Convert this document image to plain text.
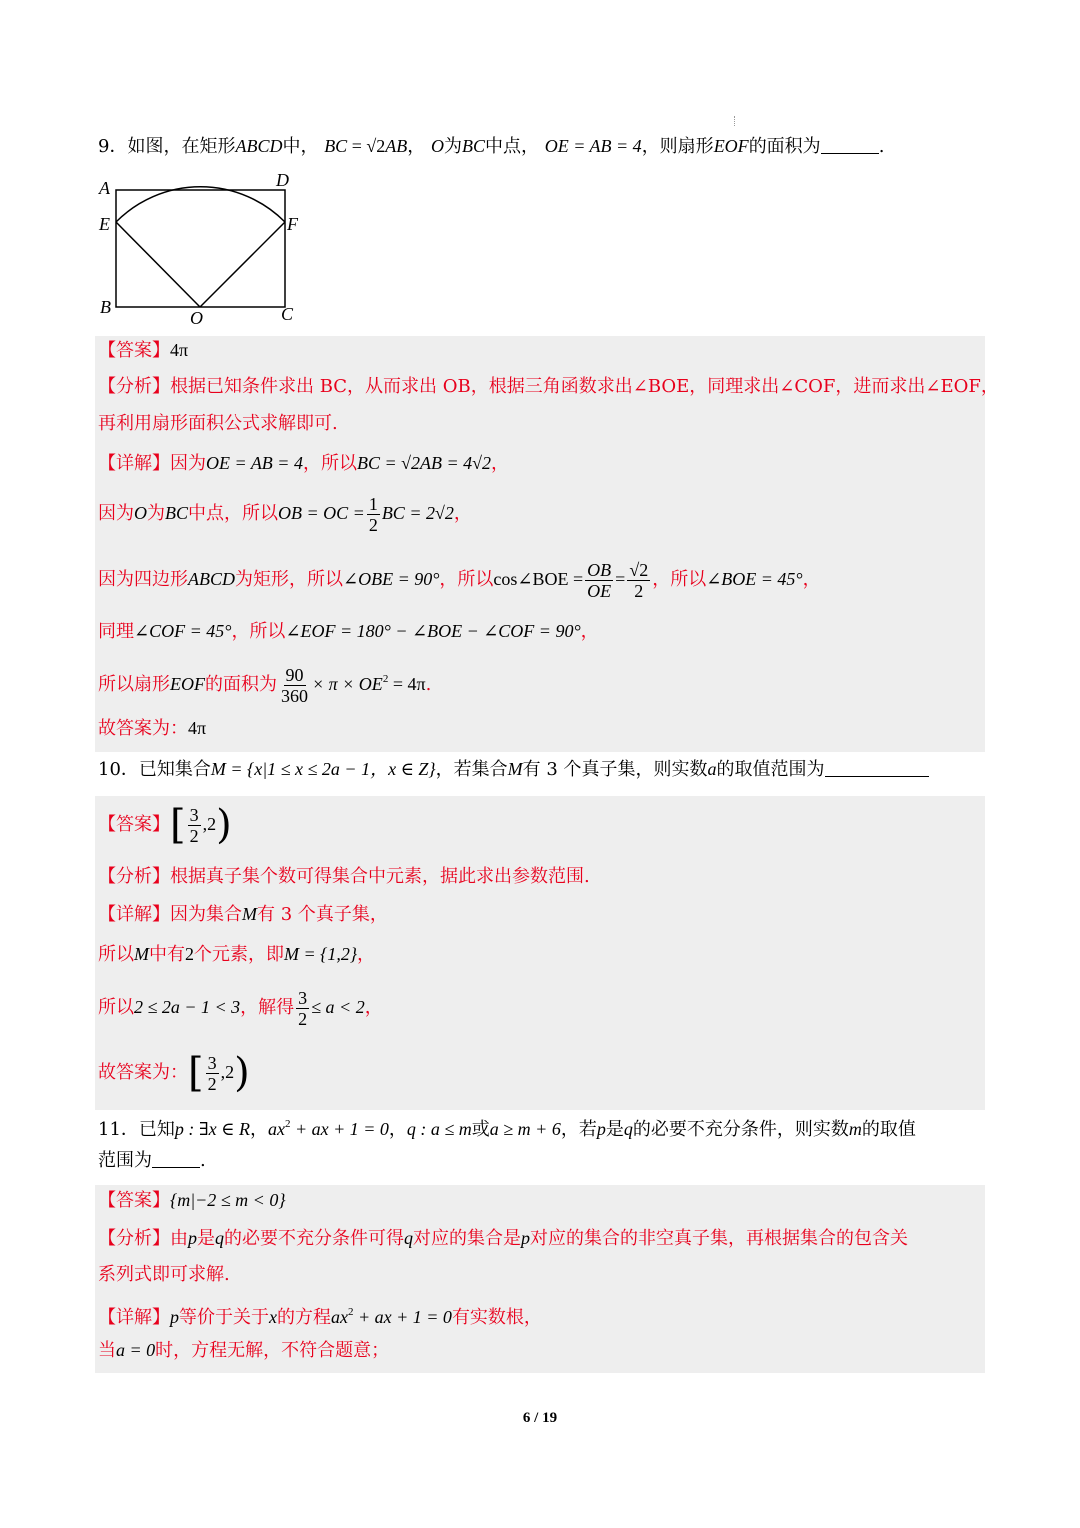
9．如图，在矩形ABCD中， BC = √2AB， O为BC中点， OE = AB = 4，则扇形EOF的面积为	.
A	D
E	F
B
O	C
【答案】4π
【分析】根据已知条件求出 BC，从而求出 OB，根据三角函数求出∠BOE，同理求出∠COF，进而求出∠EOF，
再利用扇形面积公式求解即可.
【详解】因为OE = AB = 4，所以BC = √2AB = 4√2，
因为O为BC中点，所以OB = OC = $\frac{1}{2}$ BC = 2√2，
因为四边形ABCD为矩形，所以∠OBE = 90°，所以cos∠BOE = $\frac{OB}{OE} = \frac{√2}{2}$ ，所以∠BOE = 45°，
同理∠COF = 45°，所以∠EOF = 180° − ∠BOE − ∠COF = 90°，
所以扇形EOF的面积为 $\frac{90}{360} \times \pi \times OE^2 = 4\pi$.
故答案为：4π
10．已知集合M = {x|1 ≤ x ≤ 2a − 1，x ∈ Z}，若集合M有 3 个真子集，则实数a的取值范围为
【答案】[ $\frac{3}{2} ,2$)
【分析】根据真子集个数可得集合中元素，据此求出参数范围.
【详解】因为集合M有 3 个真子集，
所以M中有2个元素，即M = {1,2}，
所以2 ≤ 2a − 1 < 3，解得 $\frac{3}{2} \le a < 2$，
故答案为：[ $\frac{3}{2} ,2$)
11．已知p : ∃x ∈ R，$ax^2$ + ax + 1 = 0，q : a ≤ m或a ≥ m + 6，若p是q的必要不充分条件，则实数m的取值
范围为	.
【答案】{m|−2 ≤ m < 0}
【分析】由p是q的必要不充分条件可得q对应的集合是p对应的集合的非空真子集，再根据集合的包含关
系列式即可求解.
【详解】p等价于关于x的方程$ax^2$ + ax + 1 = 0有实数根，
当a = 0时，方程无解，不符合题意；
6 / 19
